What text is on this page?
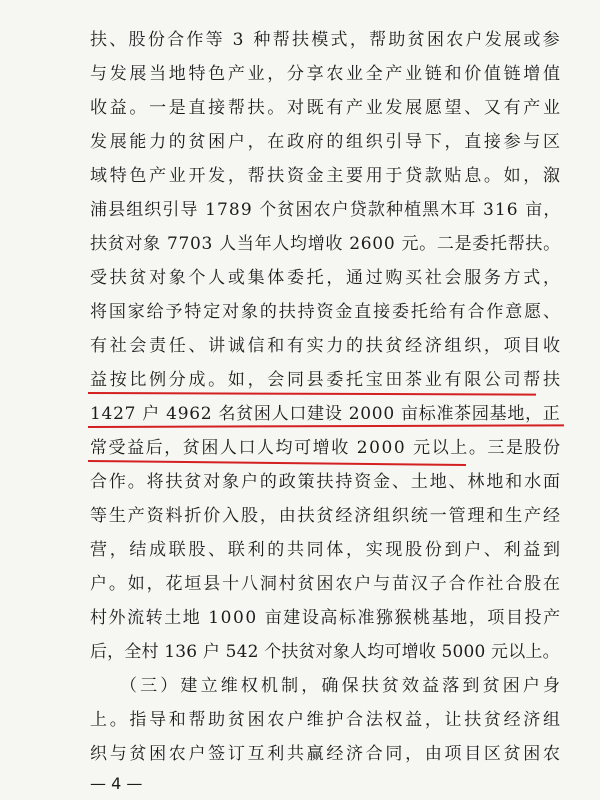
扶、股份合作等 3 种帮扶模式，帮助贫困农户发展或参
与发展当地特色产业，分享农业全产业链和价值链增值
收益。一是直接帮扶。对既有产业发展愿望、又有产业
发展能力的贫困户，在政府的组织引导下，直接参与区
域特色产业开发，帮扶资金主要用于贷款贴息。如，溆
浦县组织引导 1789 个贫困农户贷款种植黑木耳 316 亩，
扶贫对象 7703 人当年人均增收 2600 元。二是委托帮扶。
受扶贫对象个人或集体委托，通过购买社会服务方式，
将国家给予特定对象的扶持资金直接委托给有合作意愿、
有社会责任、讲诚信和有实力的扶贫经济组织，项目收
益按比例分成。如，会同县委托宝田茶业有限公司帮扶
1427 户 4962 名贫困人口建设 2000 亩标准茶园基地，正
常受益后，贫困人口人均可增收 2000 元以上。三是股份
合作。将扶贫对象户的政策扶持资金、土地、林地和水面
等生产资料折价入股，由扶贫经济组织统一管理和生产经
营，结成联股、联利的共同体，实现股份到户、利益到
户。如，花垣县十八洞村贫困农户与苗汉子合作社合股在
村外流转土地 1000 亩建设高标准猕猴桃基地，项目投产
后，全村 136 户 542 个扶贫对象人均可增收 5000 元以上。
（三）建立维权机制，确保扶贫效益落到贫困户身
上。指导和帮助贫困农户维护合法权益，让扶贫经济组
织与贫困农户签订互利共赢经济合同，由项目区贫困农
— 4 —
